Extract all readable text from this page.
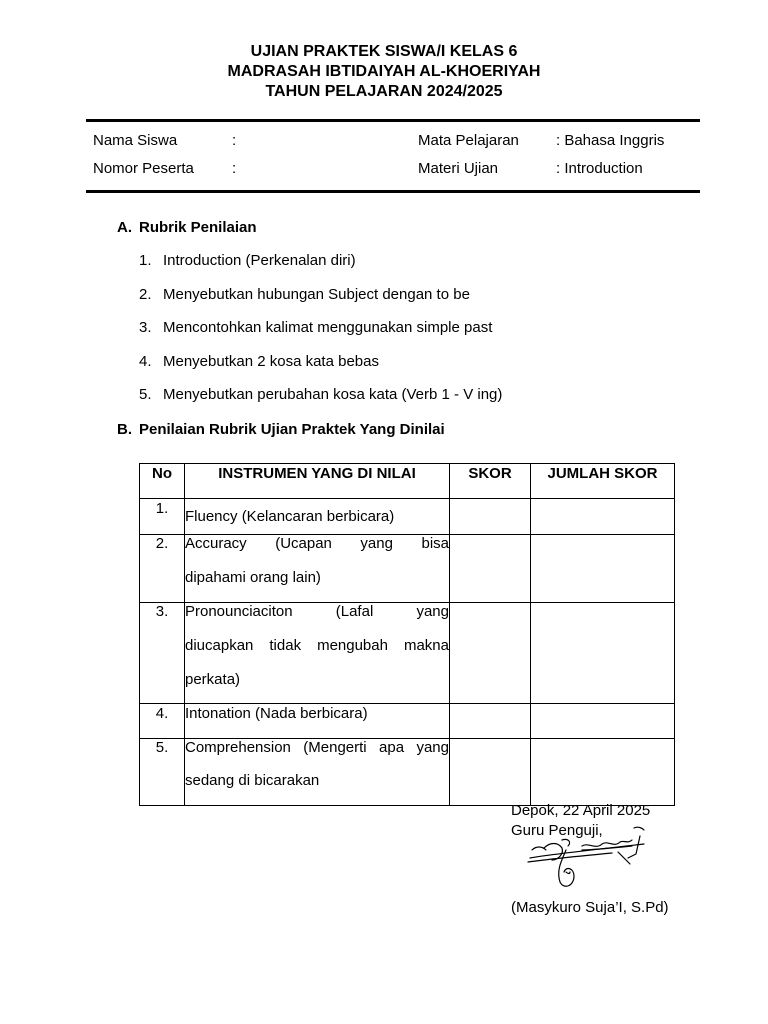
UJIAN PRAKTEK SISWA/I KELAS 6
MADRASAH IBTIDAIYAH AL-KHOERIYAH
TAHUN PELAJARAN 2024/2025
Nama Siswa	:	Mata Pelajaran : Bahasa Inggris
Nomor Peserta	:	Materi Ujian	: Introduction
A. Rubrik Penilaian
1. Introduction (Perkenalan diri)
2. Menyebutkan hubungan Subject dengan to be
3. Mencontohkan kalimat menggunakan simple past
4. Menyebutkan 2 kosa kata bebas
5. Menyebutkan perubahan kosa kata (Verb 1 - V ing)
B. Penilaian Rubrik Ujian Praktek Yang Dinilai
No	INSTRUMEN YANG DI NILAI	SKOR	JUMLAH SKOR
1.	Fluency (Kelancaran berbicara)		

2.	Accuracy (Ucapan yang bisa
dipahami orang lain)		

3.	Pronounciaciton (Lafal yang
diucapkan tidak mengubah makna
perkata)		

4.	Intonation (Nada berbicara)		

5.	Comprehension (Mengerti apa yang
sedang di bicarakan		

Depok, 22 April 2025
Guru Penguji,
(Masykuro Suja’I, S.Pd)
